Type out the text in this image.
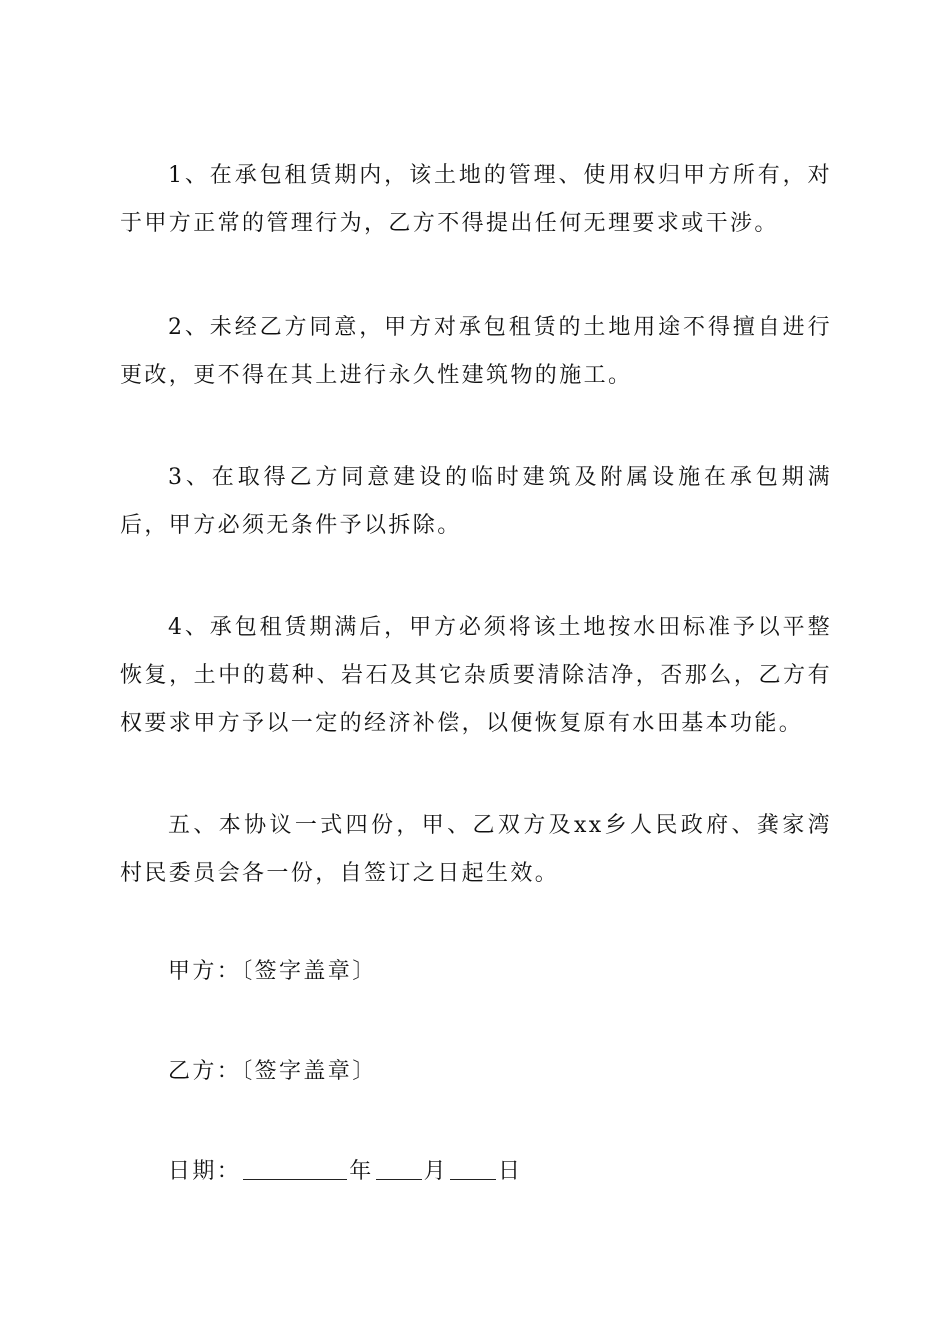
1、在承包租赁期内，该土地的管理、使用权归甲方所有，对于甲方正常的管理行为，乙方不得提出任何无理要求或干涉。

2、未经乙方同意，甲方对承包租赁的土地用途不得擅自进行更改，更不得在其上进行永久性建筑物的施工。

3、在取得乙方同意建设的临时建筑及附属设施在承包期满后，甲方必须无条件予以拆除。

4、承包租赁期满后，甲方必须将该土地按水田标准予以平整恢复，土中的葛种、岩石及其它杂质要清除洁净，否那么，乙方有权要求甲方予以一定的经济补偿，以便恢复原有水田基本功能。

五、本协议一式四份，甲、乙双方及xx乡人民政府、龚家湾村民委员会各一份，自签订之日起生效。

甲方：〔签字盖章〕

乙方：〔签字盖章〕

日期：	年 月 日
